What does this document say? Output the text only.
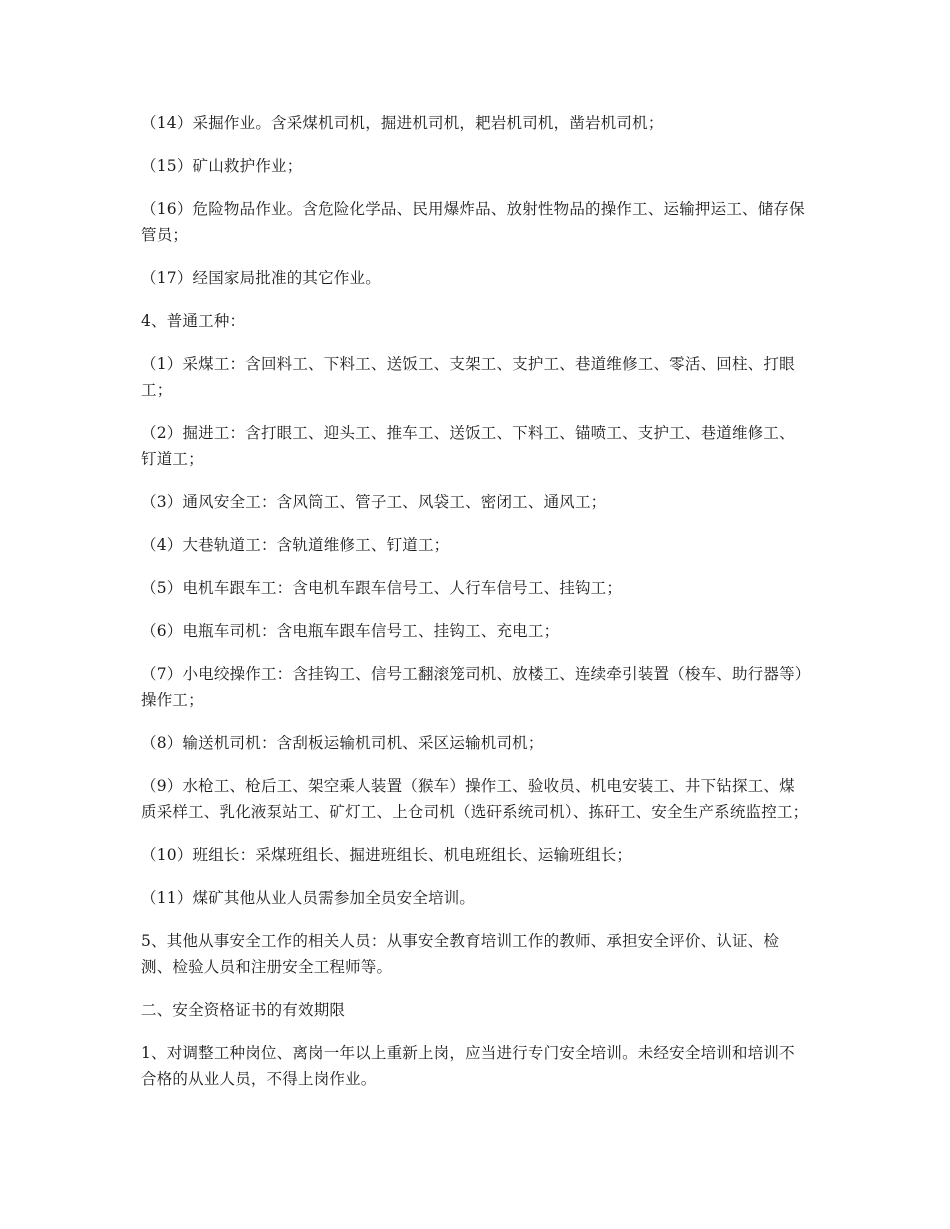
（14）采掘作业。含采煤机司机，掘进机司机，耙岩机司机，凿岩机司机；

（15）矿山救护作业；

（16）危险物品作业。含危险化学品、民用爆炸品、放射性物品的操作工、运输押运工、储存保管员；

（17）经国家局批准的其它作业。

4、普通工种：

（1）采煤工：含回料工、下料工、送饭工、支架工、支护工、巷道维修工、零活、回柱、打眼工；

（2）掘进工：含打眼工、迎头工、推车工、送饭工、下料工、锚喷工、支护工、巷道维修工、钉道工；

（3）通风安全工：含风筒工、管子工、风袋工、密闭工、通风工；

（4）大巷轨道工：含轨道维修工、钉道工；

（5）电机车跟车工：含电机车跟车信号工、人行车信号工、挂钩工；

（6）电瓶车司机：含电瓶车跟车信号工、挂钩工、充电工；

（7）小电绞操作工：含挂钩工、信号工翻滚笼司机、放楼工、连续牵引装置（梭车、助行器等）操作工；

（8）输送机司机：含刮板运输机司机、采区运输机司机；

（9）水枪工、枪后工、架空乘人装置（猴车）操作工、验收员、机电安装工、井下钻探工、煤质采样工、乳化液泵站工、矿灯工、上仓司机（选矸系统司机）、拣矸工、安全生产系统监控工；

（10）班组长：采煤班组长、掘进班组长、机电班组长、运输班组长；

（11）煤矿其他从业人员需参加全员安全培训。

5、其他从事安全工作的相关人员：从事安全教育培训工作的教师、承担安全评价、认证、检测、检验人员和注册安全工程师等。

二、安全资格证书的有效期限

1、对调整工种岗位、离岗一年以上重新上岗，应当进行专门安全培训。未经安全培训和培训不合格的从业人员，不得上岗作业。
